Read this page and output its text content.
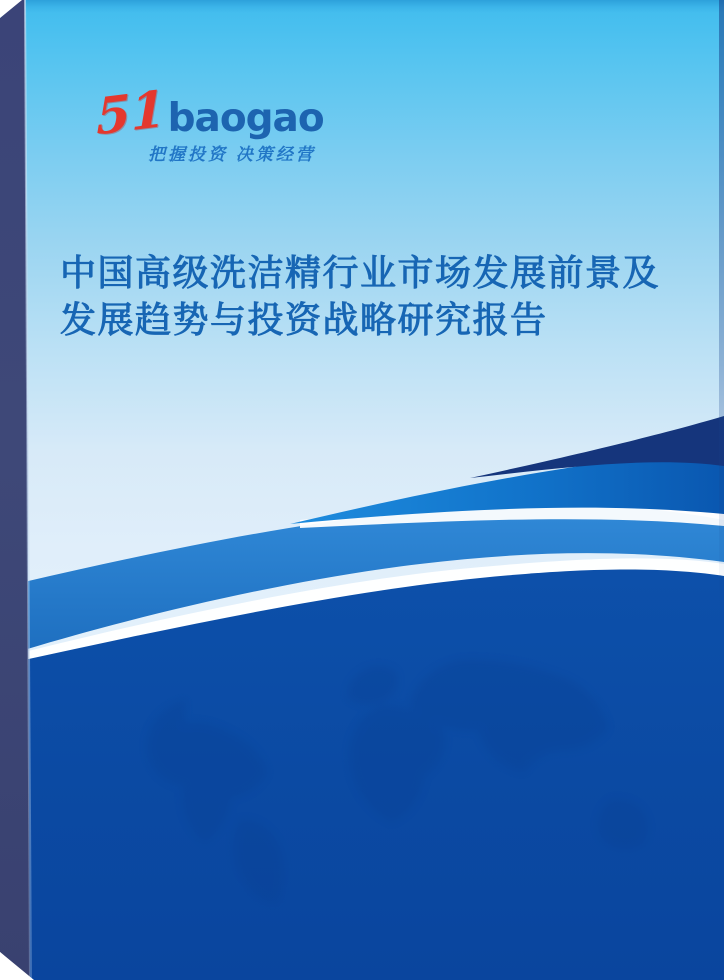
51 baogao
把握投资 决策经营
中国高级洗洁精行业市场发展前景及
发展趋势与投资战略研究报告
